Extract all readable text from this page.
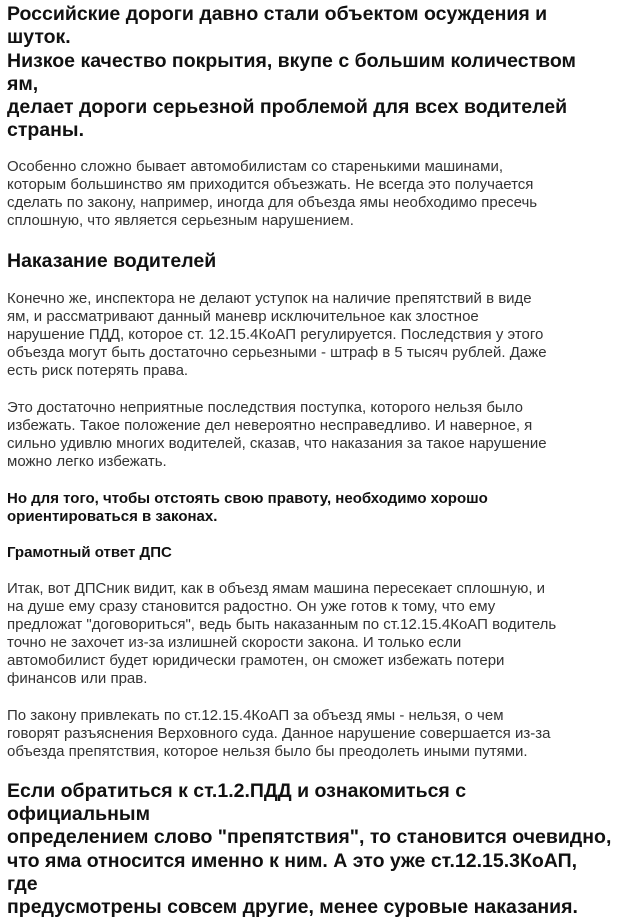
Российские дороги давно стали объектом осуждения и шуток.
Низкое качество покрытия, вкупе с большим количеством ям,
делает дороги серьезной проблемой для всех водителей
страны.

Особенно сложно бывает автомобилистам со старенькими машинами,
которым большинство ям приходится объезжать. Не всегда это получается
сделать по закону, например, иногда для объезда ямы необходимо пресечь
сплошную, что является серьезным нарушением.

Наказание водителей

Конечно же, инспектора не делают уступок на наличие препятствий в виде
ям, и рассматривают данный маневр исключительное как злостное
нарушение ПДД, которое ст. 12.15.4КоАП регулируется. Последствия у этого
объезда могут быть достаточно серьезными - штраф в 5 тысяч рублей. Даже
есть риск потерять права.

Это достаточно неприятные последствия поступка, которого нельзя было
избежать. Такое положение дел невероятно несправедливо. И наверное, я
сильно удивлю многих водителей, сказав, что наказания за такое нарушение
можно легко избежать.

Но для того, чтобы отстоять свою правоту, необходимо хорошо
ориентироваться в законах.

Грамотный ответ ДПС

Итак, вот ДПСник видит, как в объезд ямам машина пересекает сплошную, и
на душе ему сразу становится радостно. Он уже готов к тому, что ему
предложат "договориться", ведь быть наказанным по ст.12.15.4КоАП водитель
точно не захочет из-за излишней скорости закона. И только если
автомобилист будет юридически грамотен, он сможет избежать потери
финансов или прав.

По закону привлекать по ст.12.15.4КоАП за объезд ямы - нельзя, о чем
говорят разъяснения Верховного суда. Данное нарушение совершается из-за
объезда препятствия, которое нельзя было бы преодолеть иными путями.

Если обратиться к ст.1.2.ПДД и ознакомиться с официальным
определением слово "препятствия", то становится очевидно,
что яма относится именно к ним. А это уже ст.12.15.3КоАП, где
предусмотрены совсем другие, менее суровые наказания.
